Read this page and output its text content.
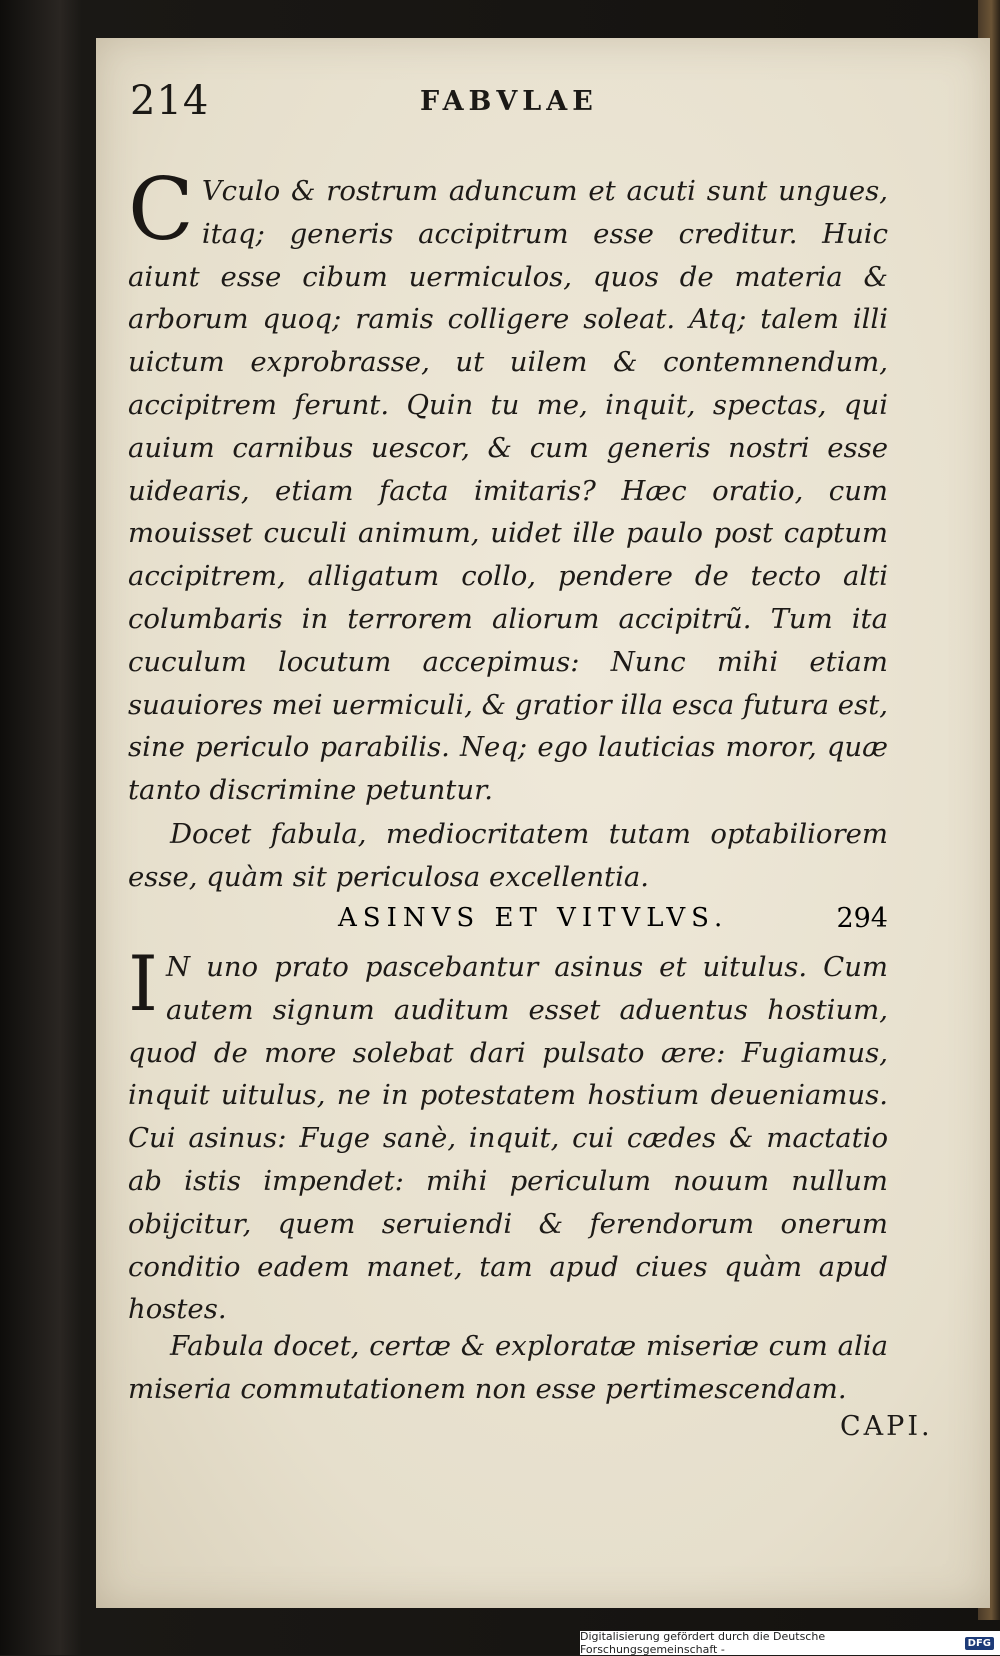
214	FABVLAE
C Vculo & rostrum aduncum et acuti sunt ungues, itaq; generis accipitrum esse creditur. Huic aiunt esse cibum uermiculos, quos de materia & arborum quoq; ramis colligere soleat. Atq; talem illi uictum exprobrasse, ut uilem & contemnendum, accipitrem ferunt. Quin tu me, inquit, spectas, qui auium carnibus uescor, & cum generis nostri esse uidearis, etiam facta imitaris? Hæc oratio, cum mouisset cuculi animum, uidet ille paulo post captum accipitrem, alligatum collo, pendere de tecto alti columbaris in terrorem aliorum accipitrũ. Tum ita cuculum locutum accepimus: Nunc mihi etiam suauiores mei uermiculi, & gratior illa esca futura est, sine periculo parabilis. Neq; ego lauticias moror, quæ tanto discrimine petuntur.
Docet fabula, mediocritatem tutam optabiliorem esse, quàm sit periculosa excellentia.
ASINVS ET VITVLVS.	294
I N uno prato pascebantur asinus et uitulus. Cum autem signum auditum esset aduentus hostium, quod de more solebat dari pulsato ære: Fugiamus, inquit uitulus, ne in potestatem hostium deueniamus. Cui asinus: Fuge sanè, inquit, cui cædes & mactatio ab istis impendet: mihi periculum nouum nullum obijcitur, quem seruiendi & ferendorum onerum conditio eadem manet, tam apud ciues quàm apud hostes.
Fabula docet, certæ & exploratæ miseriæ cum alia miseria commutationem non esse pertimescendam.
CAPI.
Digitalisierung gefördert durch die Deutsche Forschungsgemeinschaft -	DFG
